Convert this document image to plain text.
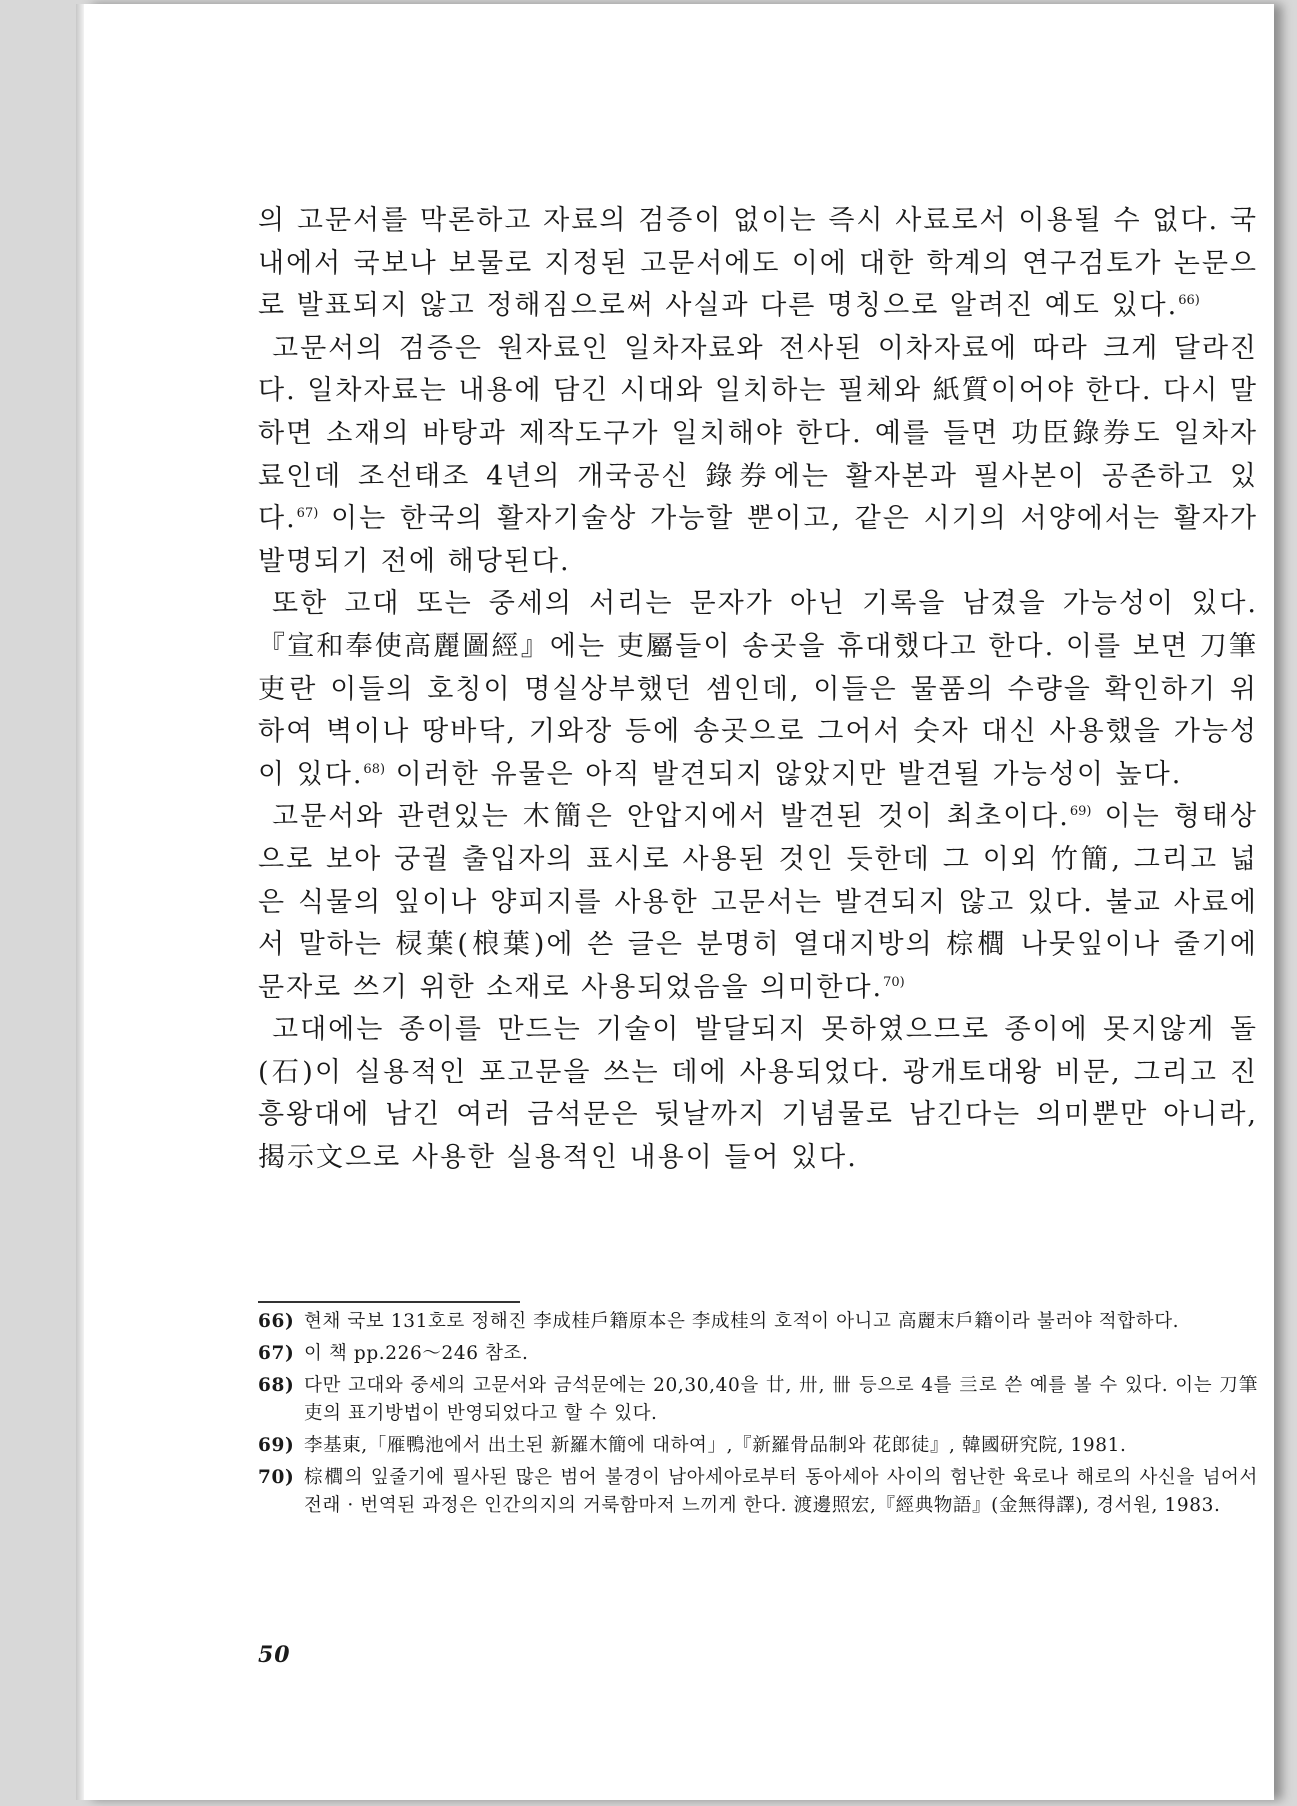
의 고문서를 막론하고 자료의 검증이 없이는 즉시 사료로서 이용될 수 없다. 국내에서 국보나 보물로 지정된 고문서에도 이에 대한 학계의 연구검토가 논문으로 발표되지 않고 정해짐으로써 사실과 다른 명칭으로 알려진 예도 있다.$^{66)}$

고문서의 검증은 원자료인 일차자료와 전사된 이차자료에 따라 크게 달라진다. 일차자료는 내용에 담긴 시대와 일치하는 필체와 紙質이어야 한다. 다시 말하면 소재의 바탕과 제작도구가 일치해야 한다. 예를 들면 功臣錄券도 일차자료인데 조선태조 4년의 개국공신 錄券에는 활자본과 필사본이 공존하고 있다.$^{67)}$ 이는 한국의 활자기술상 가능할 뿐이고, 같은 시기의 서양에서는 활자가 발명되기 전에 해당된다.

또한 고대 또는 중세의 서리는 문자가 아닌 기록을 남겼을 가능성이 있다. 『宣和奉使高麗圖經』에는 吏屬들이 송곳을 휴대했다고 한다. 이를 보면 刀筆吏란 이들의 호칭이 명실상부했던 셈인데, 이들은 물품의 수량을 확인하기 위하여 벽이나 땅바닥, 기와장 등에 송곳으로 그어서 숫자 대신 사용했을 가능성이 있다.$^{68)}$ 이러한 유물은 아직 발견되지 않았지만 발견될 가능성이 높다.

고문서와 관련있는 木簡은 안압지에서 발견된 것이 최초이다.$^{69)}$ 이는 형태상으로 보아 궁궐 출입자의 표시로 사용된 것인 듯한데 그 이외 竹簡, 그리고 넓은 식물의 잎이나 양피지를 사용한 고문서는 발견되지 않고 있다. 불교 사료에서 말하는 棂葉(桹葉)에 쓴 글은 분명히 열대지방의 棕櫚 나뭇잎이나 줄기에 문자로 쓰기 위한 소재로 사용되었음을 의미한다.$^{70)}$

고대에는 종이를 만드는 기술이 발달되지 못하였으므로 종이에 못지않게 돌(石)이 실용적인 포고문을 쓰는 데에 사용되었다. 광개토대왕 비문, 그리고 진흥왕대에 남긴 여러 금석문은 뒷날까지 기념물로 남긴다는 의미뿐만 아니라, 揭示文으로 사용한 실용적인 내용이 들어 있다.

66) 현채 국보 131호로 정해진 李成桂戶籍原本은 李成桂의 호적이 아니고 高麗末戶籍이라 불러야 적합하다.
67) 이 책 pp.226～246 참조.
68) 다만 고대와 중세의 고문서와 금석문에는 20,30,40을 廿, 卅, 卌 등으로 4를 亖로 쓴 예를 볼 수 있다. 이는 刀筆吏의 표기방법이 반영되었다고 할 수 있다.
69) 李基東,「雁鴨池에서 出土된 新羅木簡에 대하여」,『新羅骨品制와 花郎徒』, 韓國研究院, 1981.
70) 棕櫚의 잎줄기에 필사된 많은 범어 불경이 남아세아로부터 동아세아 사이의 험난한 육로나 해로의 사신을 넘어서 전래 · 번역된 과정은 인간의지의 거룩함마저 느끼게 한다. 渡邊照宏,『經典物語』(金無得譯), 경서원, 1983.
50
